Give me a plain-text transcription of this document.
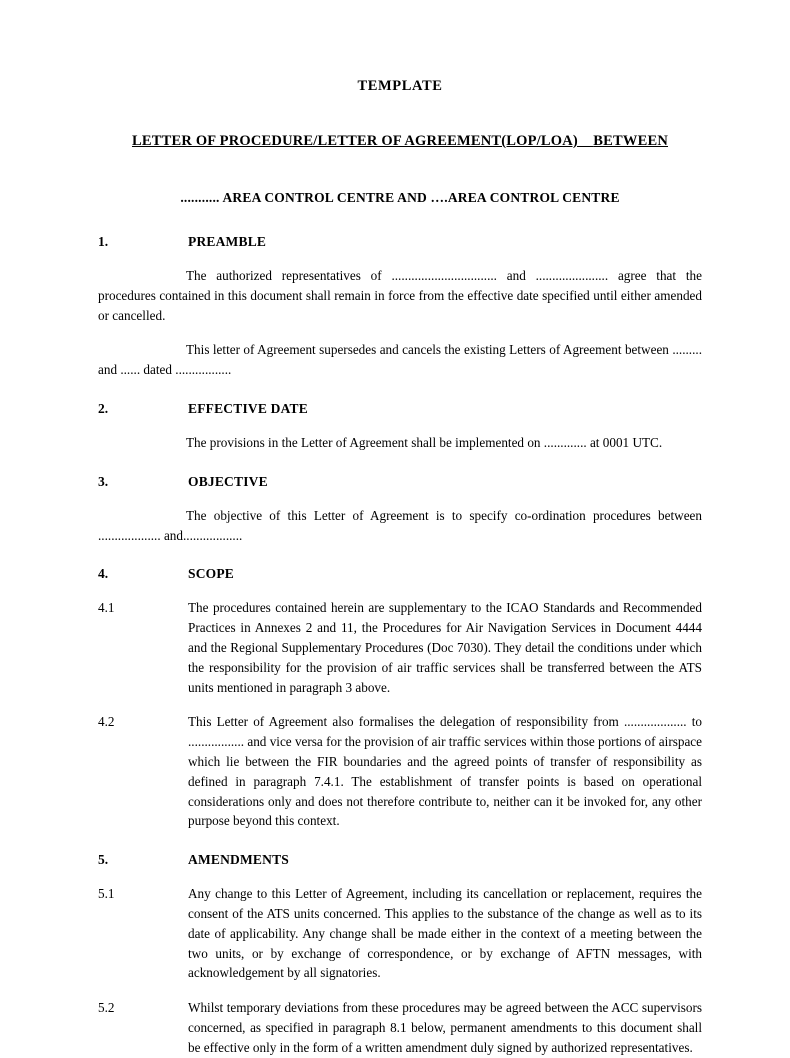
TEMPLATE
LETTER OF PROCEDURE/LETTER OF AGREEMENT(LOP/LOA) BETWEEN
........... AREA CONTROL CENTRE AND ….AREA CONTROL CENTRE
1.	PREAMBLE

The authorized representatives of ................................ and ...................... agree that the procedures contained in this document shall remain in force from the effective date specified until either amended or cancelled.

This letter of Agreement supersedes and cancels the existing Letters of Agreement between ......... and ...... dated .................

2.	EFFECTIVE DATE

The provisions in the Letter of Agreement shall be implemented on ............. at 0001 UTC.

3.	OBJECTIVE

The objective of this Letter of Agreement is to specify co-ordination procedures between ................... and..................

4.	SCOPE
4.1	The procedures contained herein are supplementary to the ICAO Standards and Recommended Practices in Annexes 2 and 11, the Procedures for Air Navigation Services in Document 4444 and the Regional Supplementary Procedures (Doc 7030). They detail the conditions under which the responsibility for the provision of air traffic services shall be transferred between the ATS units mentioned in paragraph 3 above.
4.2	This Letter of Agreement also formalises the delegation of responsibility from ................... to ................. and vice versa for the provision of air traffic services within those portions of airspace which lie between the FIR boundaries and the agreed points of transfer of responsibility as defined in paragraph 7.4.1. The establishment of transfer points is based on operational considerations only and does not therefore contribute to, neither can it be invoked for, any other purpose beyond this context.
5.	AMENDMENTS
5.1	Any change to this Letter of Agreement, including its cancellation or replacement, requires the consent of the ATS units concerned. This applies to the substance of the change as well as to its date of applicability. Any change shall be made either in the context of a meeting between the two units, or by exchange of correspondence, or by exchange of AFTN messages, with acknowledgement by all signatories.
5.2	Whilst temporary deviations from these procedures may be agreed between the ACC supervisors concerned, as specified in paragraph 8.1 below, permanent amendments to this document shall be effective only in the form of a written amendment duly signed by authorized representatives.
